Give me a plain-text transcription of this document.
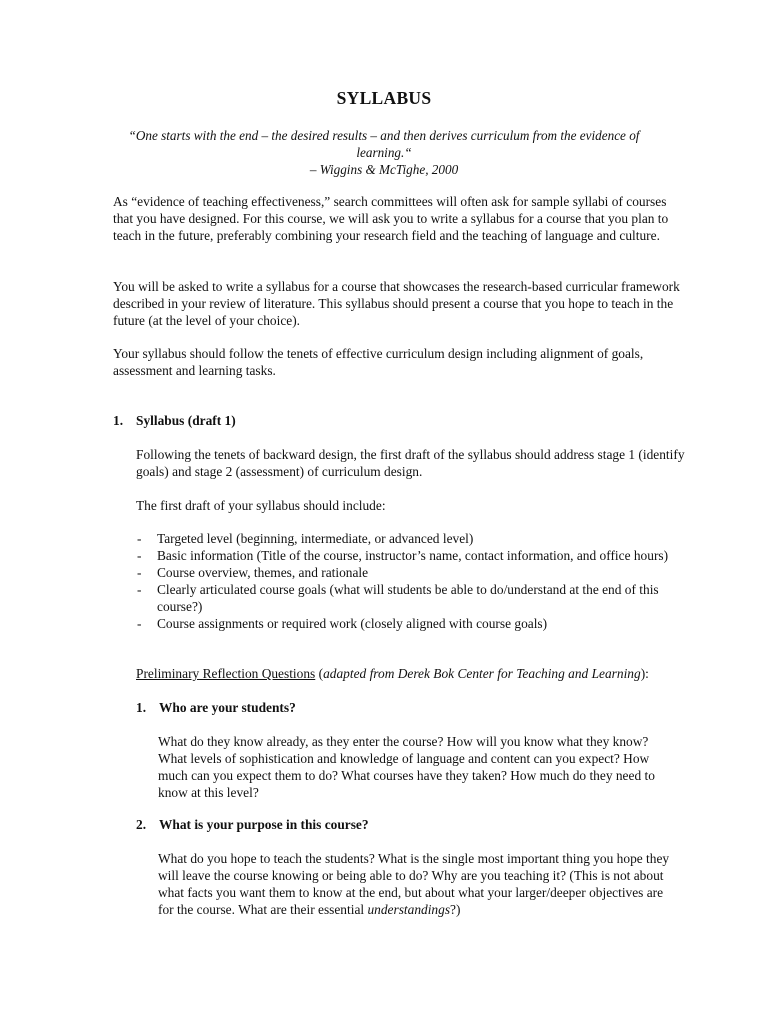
SYLLABUS
“One starts with the end – the desired results – and then derives curriculum from the evidence of learning.“
– Wiggins & McTighe, 2000
As “evidence of teaching effectiveness,” search committees will often ask for sample syllabi of courses that you have designed. For this course, we will ask you to write a syllabus for a course that you plan to teach in the future, preferably combining your research field and the teaching of language and culture.
You will be asked to write a syllabus for a course that showcases the research-based curricular framework described in your review of literature. This syllabus should present a course that you hope to teach in the future (at the level of your choice).
Your syllabus should follow the tenets of effective curriculum design including alignment of goals, assessment and learning tasks.
1. Syllabus (draft 1)
Following the tenets of backward design, the first draft of the syllabus should address stage 1 (identify goals) and stage 2 (assessment) of curriculum design.
The first draft of your syllabus should include:
- Targeted level (beginning, intermediate, or advanced level)
- Basic information (Title of the course, instructor’s name, contact information, and office hours)
- Course overview, themes, and rationale
- Clearly articulated course goals (what will students be able to do/understand at the end of this course?)
- Course assignments or required work (closely aligned with course goals)
Preliminary Reflection Questions (adapted from Derek Bok Center for Teaching and Learning):
1. Who are your students?
What do they know already, as they enter the course? How will you know what they know? What levels of sophistication and knowledge of language and content can you expect? How much can you expect them to do? What courses have they taken? How much do they need to know at this level?
2. What is your purpose in this course?
What do you hope to teach the students? What is the single most important thing you hope they will leave the course knowing or being able to do? Why are you teaching it? (This is not about what facts you want them to know at the end, but about what your larger/deeper objectives are for the course. What are their essential understandings?)
